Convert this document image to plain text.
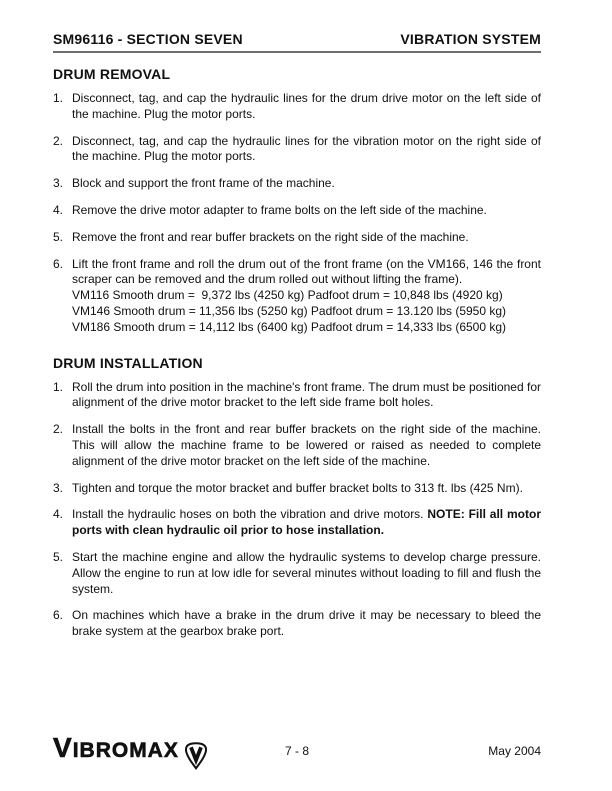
SM96116 - SECTION SEVEN	VIBRATION SYSTEM
DRUM REMOVAL
1. Disconnect, tag, and cap the hydraulic lines for the drum drive motor on the left side of the machine. Plug the motor ports.
2. Disconnect, tag, and cap the hydraulic lines for the vibration motor on the right side of the machine. Plug the motor ports.
3. Block and support the front frame of the machine.
4. Remove the drive motor adapter to frame bolts on the left side of the machine.
5. Remove the front and rear buffer brackets on the right side of the machine.
6. Lift the front frame and roll the drum out of the front frame (on the VM166, 146 the front scraper can be removed and the drum rolled out without lifting the frame).
VM116 Smooth drum =  9,372 lbs (4250 kg) Padfoot drum = 10,848 lbs (4920 kg)
VM146 Smooth drum = 11,356 lbs (5250 kg) Padfoot drum = 13.120 lbs (5950 kg)
VM186 Smooth drum = 14,112 lbs (6400 kg) Padfoot drum = 14,333 lbs (6500 kg)
DRUM INSTALLATION
1. Roll the drum into position in the machine's front frame. The drum must be positioned for alignment of the drive motor bracket to the left side frame bolt holes.
2. Install the bolts in the front and rear buffer brackets on the right side of the machine. This will allow the machine frame to be lowered or raised as needed to complete alignment of the drive motor bracket on the left side of the machine.
3. Tighten and torque the motor bracket and buffer bracket bolts to 313 ft. lbs (425 Nm).
4. Install the hydraulic hoses on both the vibration and drive motors. NOTE: Fill all motor ports with clean hydraulic oil prior to hose installation.
5. Start the machine engine and allow the hydraulic systems to develop charge pressure. Allow the engine to run at low idle for several minutes without loading to fill and flush the system.
6. On machines which have a brake in the drum drive it may be necessary to bleed the brake system at the gearbox brake port.
VIBROMAX	7 - 8	May 2004
